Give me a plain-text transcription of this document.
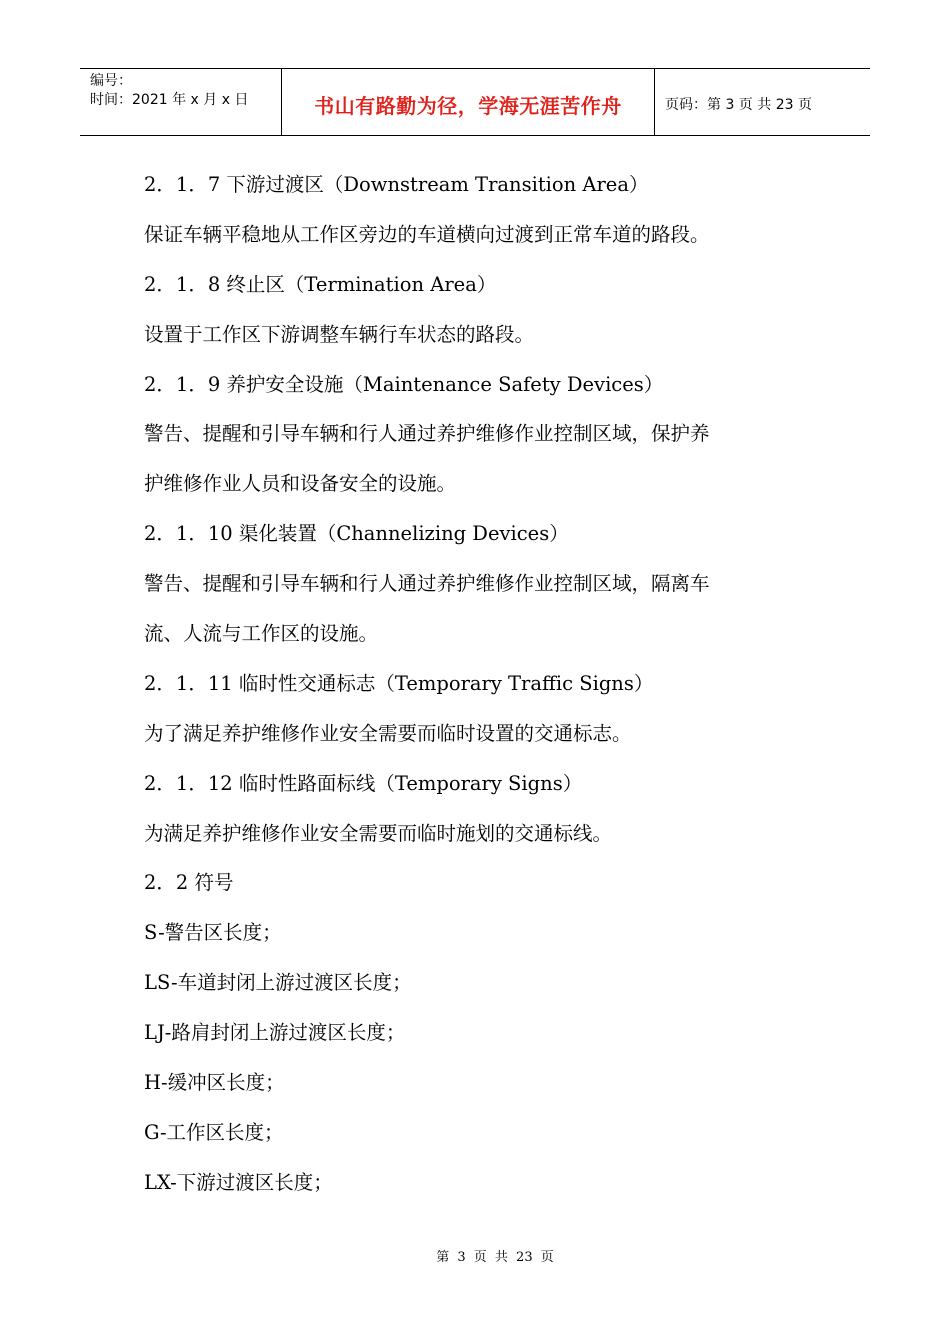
编号：
时间：2021 年 x 月 x 日	书山有路勤为径，学海无涯苦作舟	页码：第 3 页 共 23 页
2．1．7 下游过渡区（Downstream Transition Area）
保证车辆平稳地从工作区旁边的车道横向过渡到正常车道的路段。
2．1．8 终止区（Termination Area）
设置于工作区下游调整车辆行车状态的路段。
2．1．9 养护安全设施（Maintenance Safety Devices）
警告、提醒和引导车辆和行人通过养护维修作业控制区域，保护养
护维修作业人员和设备安全的设施。
2．1．10 渠化装置（Channelizing Devices）
警告、提醒和引导车辆和行人通过养护维修作业控制区域，隔离车
流、人流与工作区的设施。
2．1．11 临时性交通标志（Temporary Traffic Signs）
为了满足养护维修作业安全需要而临时设置的交通标志。
2．1．12 临时性路面标线（Temporary Signs）
为满足养护维修作业安全需要而临时施划的交通标线。
2．2 符号
S-警告区长度；
LS-车道封闭上游过渡区长度；
LJ-路肩封闭上游过渡区长度；
H-缓冲区长度；
G-工作区长度；
LX-下游过渡区长度；
第 3 页 共 23 页
